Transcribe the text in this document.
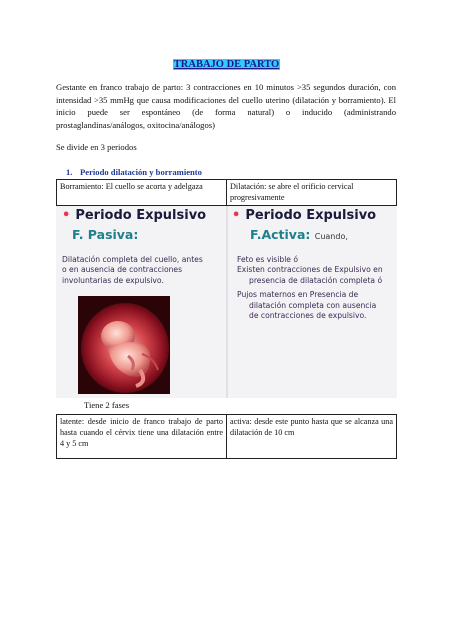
TRABAJO DE PARTO
Gestante en franco trabajo de parto: 3 contracciones en 10 minutos >35 segundos duración, con intensidad >35 mmHg que causa modificaciones del cuello uterino (dilatación y borramiento). El inicio puede ser espontáneo (de forma natural) o inducido (administrando prostaglandinas/análogos, oxitocina/análogos)
Se divide en 3 periodos
1. Periodo dilatación y borramiento
Borramiento: El cuello se acorta y adelgaza	Dilatación: se abre el orificio cervical progresivamente
• Periodo Expulsivo
F. Pasiva:
Dilatación completa del cuello, antes
o en ausencia de contracciones
involuntarias de expulsivo.
• Periodo Expulsivo
F.Activa: Cuando,
Feto es visible ó
Existen contracciones de Expulsivo en
presencia de dilatación completa ó
Pujos maternos en Presencia de
dilatación completa con ausencia
de contracciones de expulsivo.
Tiene 2 fases
latente: desde inicio de franco trabajo de parto hasta cuando el cérvix tiene una dilatación entre 4 y 5 cm	activa: desde este punto hasta que se alcanza una dilatación de 10 cm
